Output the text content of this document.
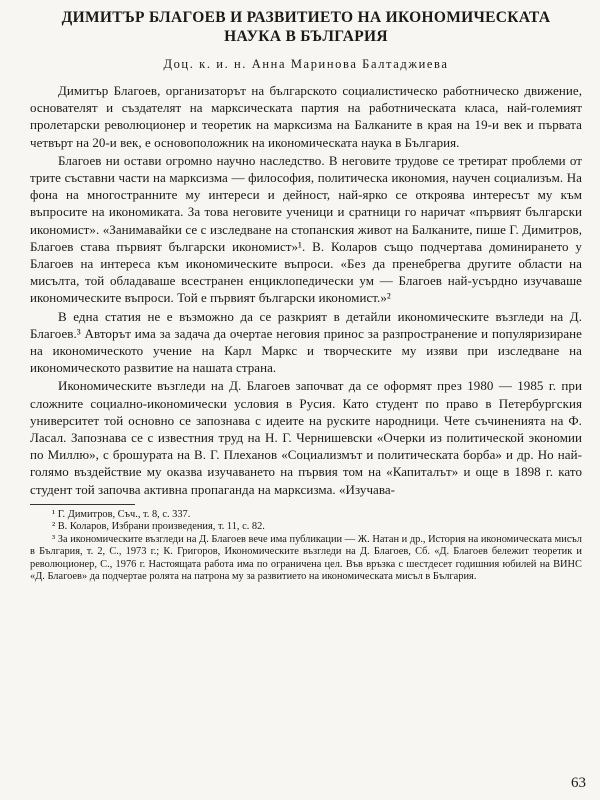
ДИМИТЪР БЛАГОЕВ И РАЗВИТИЕТО НА ИКОНОМИЧЕСКАТА
НАУКА В БЪЛГАРИЯ
Доц. к. и. н. Анна Маринова Балтаджиева

Димитър Благоев, организаторът на българското социалистическо работническо движение, основателят и създателят на марксическата партия на работническата класа, най-големият пролетарски революционер и теоретик на марксизма на Балканите в края на 19-и век и първата четвърт на 20-и век, е основоположник на икономическата наука в България.

Благоев ни остави огромно научно наследство. В неговите трудове се третират проблеми от трите съставни части на марксизма — философия, политическа икономия, научен социализъм. На фона на многостранните му интереси и дейност, най-ярко се откроява интересът му към въпросите на икономиката. За това неговите ученици и сратници го наричат «първият български икономист». «Занимавайки се с изследване на стопанския живот на Балканите, пише Г. Димитров, Благоев става първият български икономист»¹. В. Коларов също подчертава доминирането у Благоев на интереса към икономическите въпроси. «Без да пренебрегва другите области на мисълта, той обладаваше всестранен енциклопедически ум — Благоев най-усърдно изучаваше икономическите въпроси. Той е първият български икономист.»²

В една статия не е възможно да се разкрият в детайли икономическите възгледи на Д. Благоев.³ Авторът има за задача да очертае неговия принос за разпространение и популяризиране на икономическото учение на Карл Маркс и творческите му изяви при изследване на икономическото развитие на нашата страна.

Икономическите възгледи на Д. Благоев започват да се оформят през 1980 — 1985 г. при сложните социално-икономически условия в Русия. Като студент по право в Петербургския университет той основно се запознава с идеите на руските народници. Чете съчиненията на Ф. Ласал. Запознава се с известния труд на Н. Г. Чернишевски «Очерки из политической экономии по Миллю», с брошурата на В. Г. Плеханов «Социализмът и политическата борба» и др. Но най-голямо въздействие му оказва изучаването на първия том на «Капиталът» и още в 1898 г. като студент той започва активна пропаганда на марксизма. «Изучава-

¹ Г. Димитров, Съч., т. 8, с. 337.

² В. Коларов, Избрани произведения, т. 11, с. 82.

³ За икономическите възгледи на Д. Благоев вече има публикации — Ж. Натан и др., История на икономическата мисъл в България, т. 2, С., 1973 г.; К. Григоров, Икономическите възгледи на Д. Благоев, Сб. «Д. Благоев бележит теоретик и революционер, С., 1976 г. Настоящата работа има по ограничена цел. Във връзка с шестдесет годишния юбилей на ВИНС «Д. Благоев» да подчертае ролята на патрона му за развитието на икономическата мисъл в България.

63
